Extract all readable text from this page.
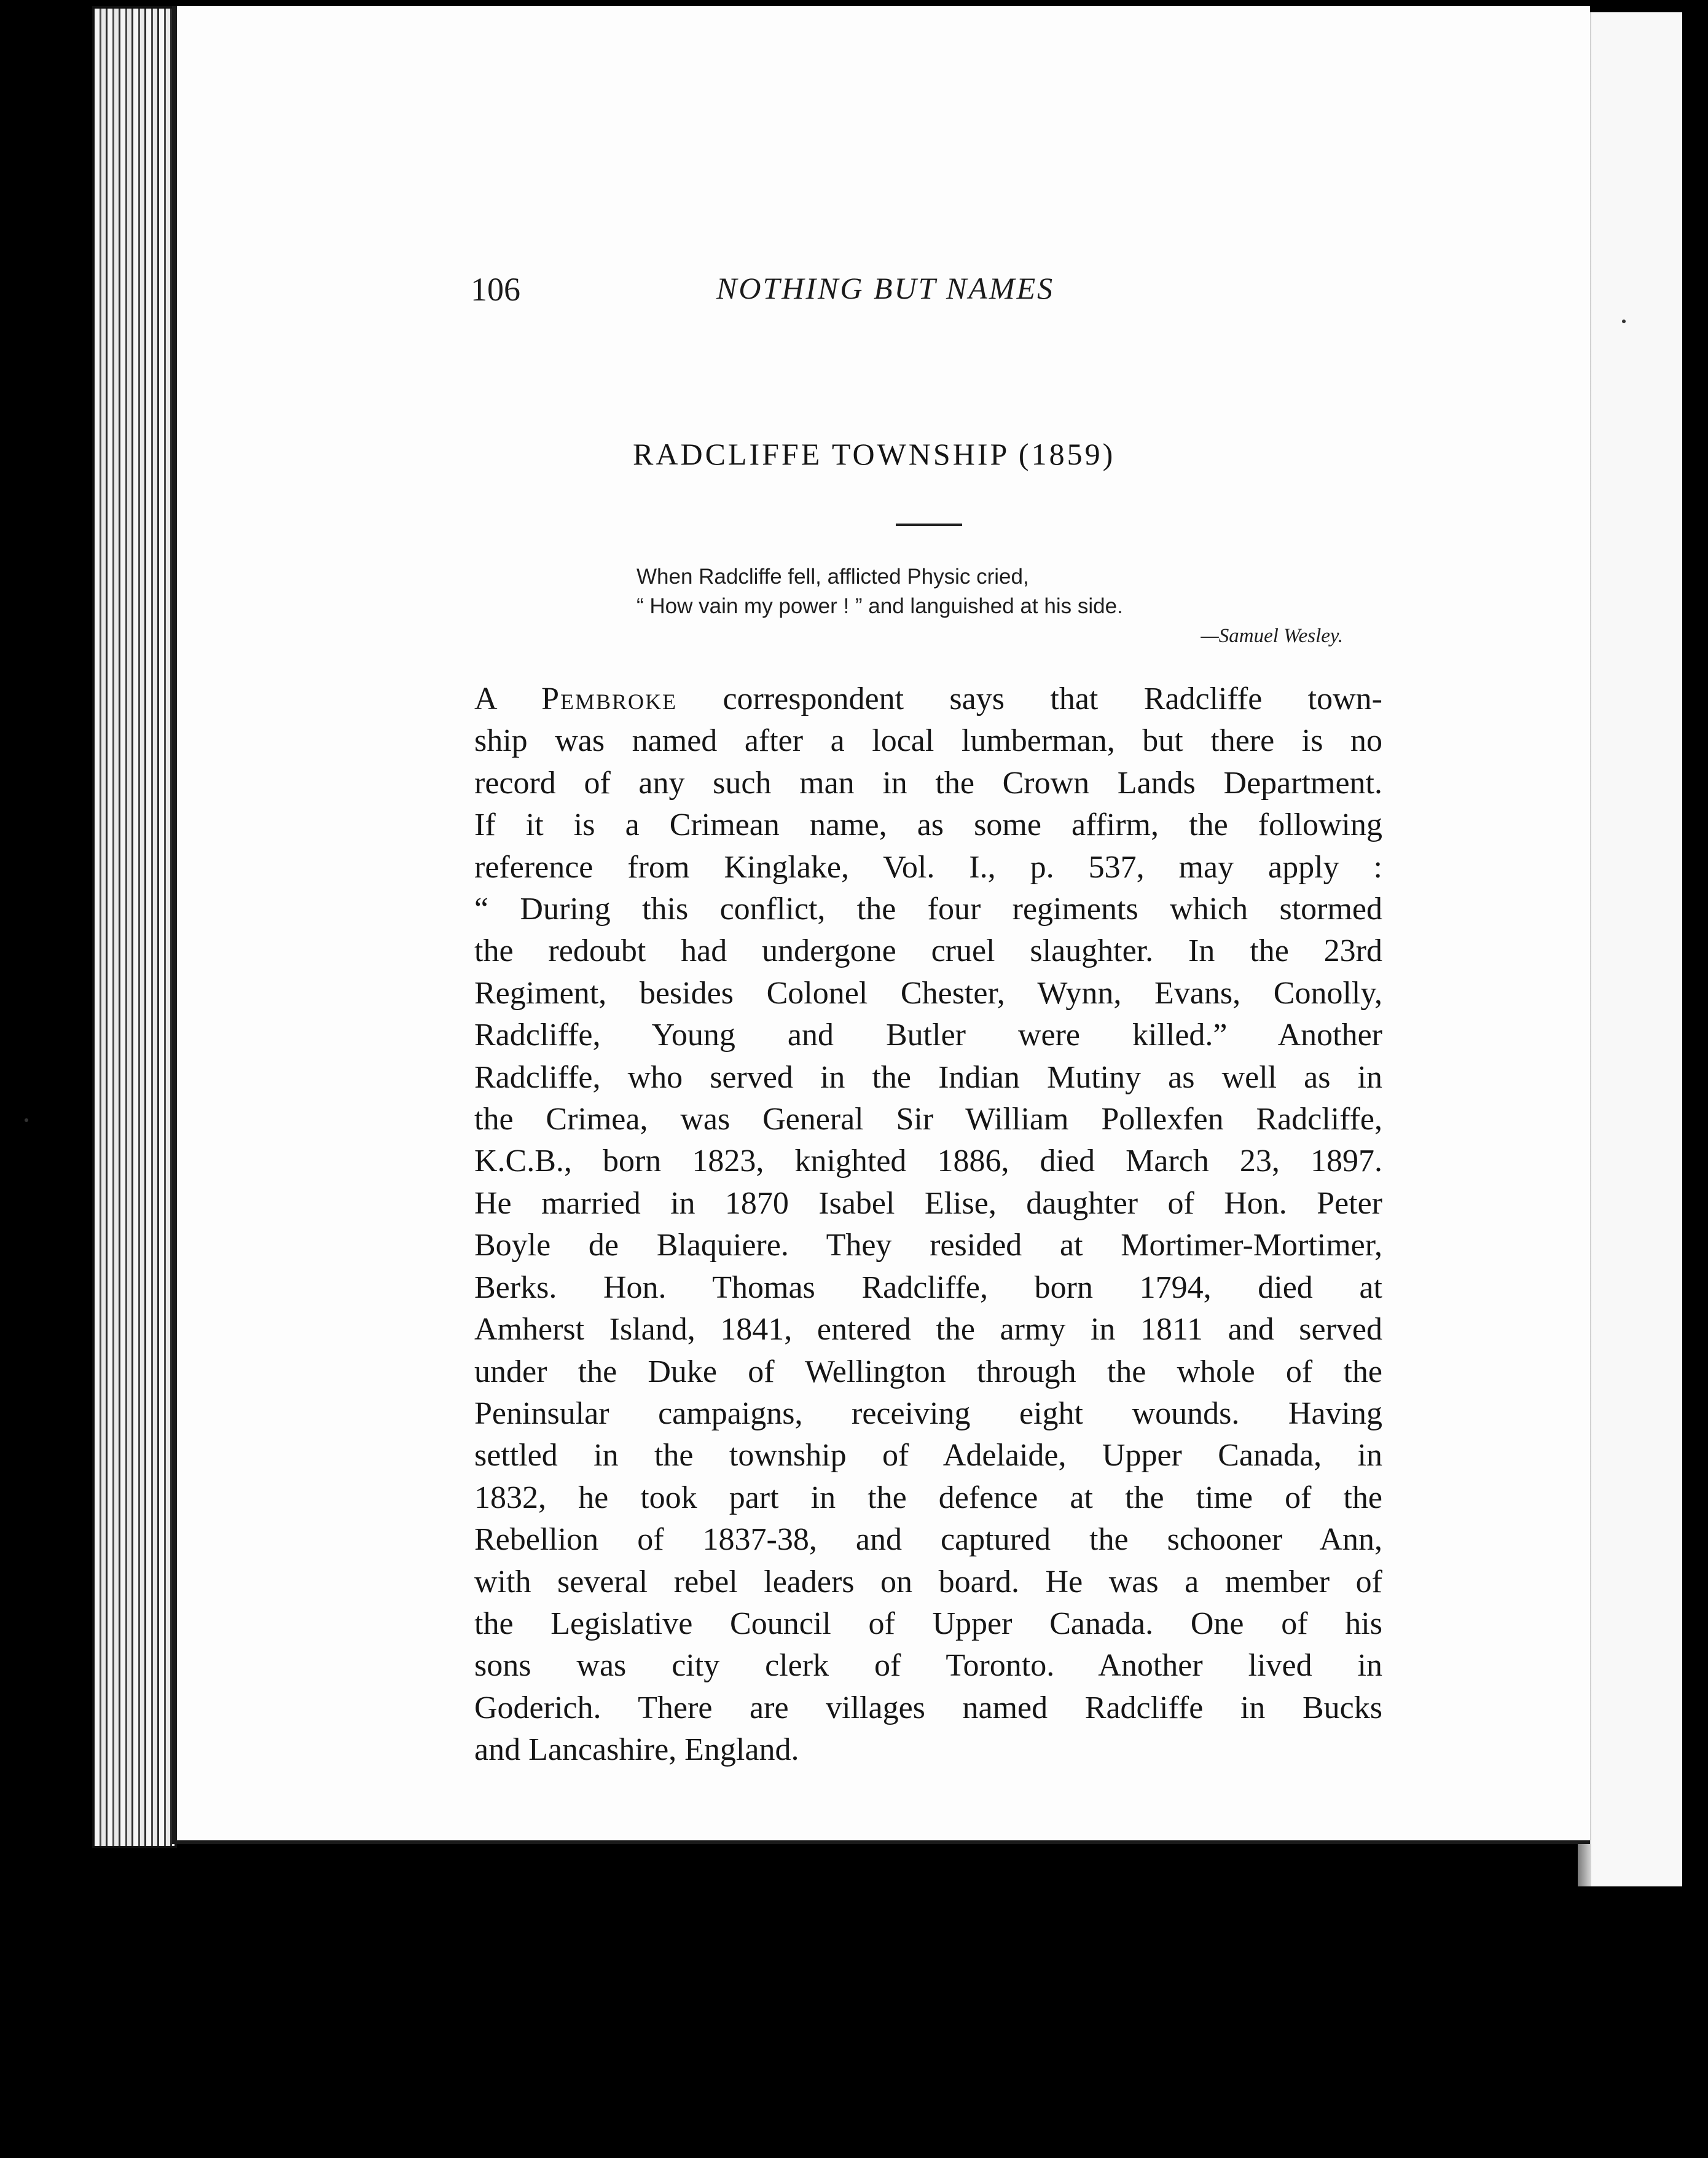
106	NOTHING BUT NAMES
RADCLIFFE TOWNSHIP (1859)
When Radcliffe fell, afflicted Physic cried,
“ How vain my power ! ” and languished at his side.
—Samuel Wesley.
A Pembroke correspondent says that Radcliffe town-
ship was named after a local lumberman, but there is no
record of any such man in the Crown Lands Department.
If it is a Crimean name, as some affirm, the following
reference from Kinglake, Vol. I., p. 537, may apply :
“ During this conflict, the four regiments which stormed
the redoubt had undergone cruel slaughter. In the 23rd
Regiment, besides Colonel Chester, Wynn, Evans, Conolly,
Radcliffe, Young and Butler were killed.” Another
Radcliffe, who served in the Indian Mutiny as well as in
the Crimea, was General Sir William Pollexfen Radcliffe,
K.C.B., born 1823, knighted 1886, died March 23, 1897.
He married in 1870 Isabel Elise, daughter of Hon. Peter
Boyle de Blaquiere. They resided at Mortimer-Mortimer,
Berks. Hon. Thomas Radcliffe, born 1794, died at
Amherst Island, 1841, entered the army in 1811 and served
under the Duke of Wellington through the whole of the
Peninsular campaigns, receiving eight wounds. Having
settled in the township of Adelaide, Upper Canada, in
1832, he took part in the defence at the time of the
Rebellion of 1837-38, and captured the schooner Ann,
with several rebel leaders on board. He was a member of
the Legislative Council of Upper Canada. One of his
sons was city clerk of Toronto. Another lived in
Goderich. There are villages named Radcliffe in Bucks
and Lancashire, England.
